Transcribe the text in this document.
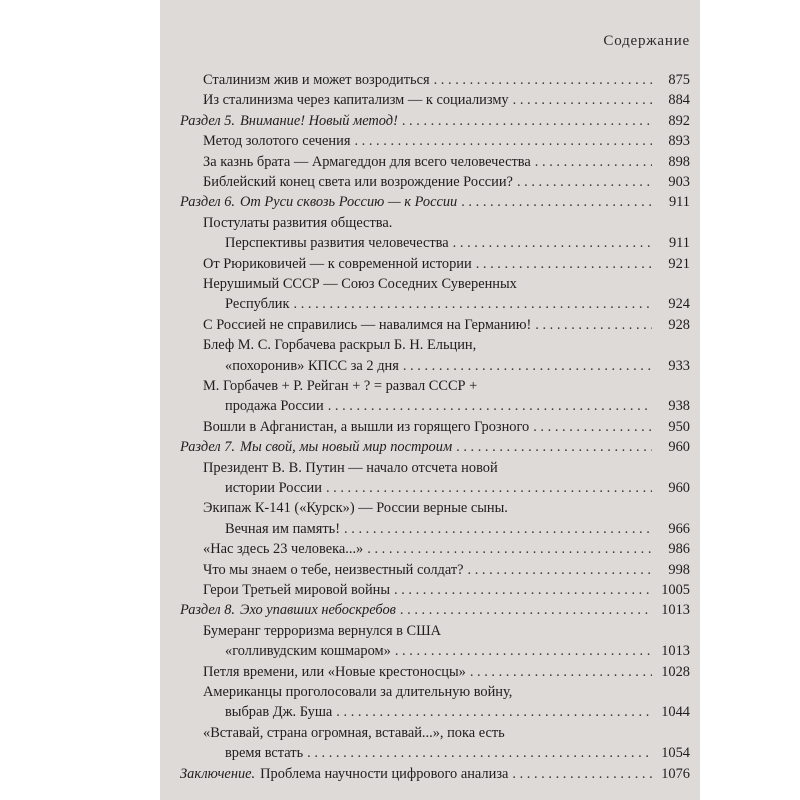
Содержание
Сталинизм жив и может возродиться . . .	875
Из сталинизма через капитализм — к социализму . . .	884
Раздел 5. Внимание! Новый метод! . . .	892
Метод золотого сечения . . .	893
За казнь брата — Армагеддон для всего человечества . . .	898
Библейский конец света или возрождение России? . . .	903
Раздел 6. От Руси сквозь Россию — к России . . .	911
Постулаты развития общества.
Перспективы развития человечества . . .	911
От Рюриковичей — к современной истории . . .	921
Нерушимый СССР — Союз Соседних Суверенных
Республик . . .	924
С Россией не справились — навалимся на Германию! . . .	928
Блеф М. С. Горбачева раскрыл Б. Н. Ельцин,
«похоронив» КПСС за 2 дня . . .	933
М. Горбачев + Р. Рейган + ? = развал СССР +
продажа России . . .	938
Вошли в Афганистан, а вышли из горящего Грозного . . .	950
Раздел 7. Мы свой, мы новый мир построим . . .	960
Президент В. В. Путин — начало отсчета новой
истории России . . .	960
Экипаж К-141 («Курск») — России верные сыны.
Вечная им память! . . .	966
«Нас здесь 23 человека...» . . .	986
Что мы знаем о тебе, неизвестный солдат? . . .	998
Герои Третьей мировой войны . . .	1005
Раздел 8. Эхо упавших небоскребов . . .	1013
Бумеранг терроризма вернулся в США
«голливудским кошмаром» . . .	1013
Петля времени, или «Новые крестоносцы» . . .	1028
Американцы проголосовали за длительную войну,
выбрав Дж. Буша . . .	1044
«Вставай, страна огромная, вставай...», пока есть
время встать . . .	1054
Заключение. Проблема научности цифрового анализа . . .	1076
